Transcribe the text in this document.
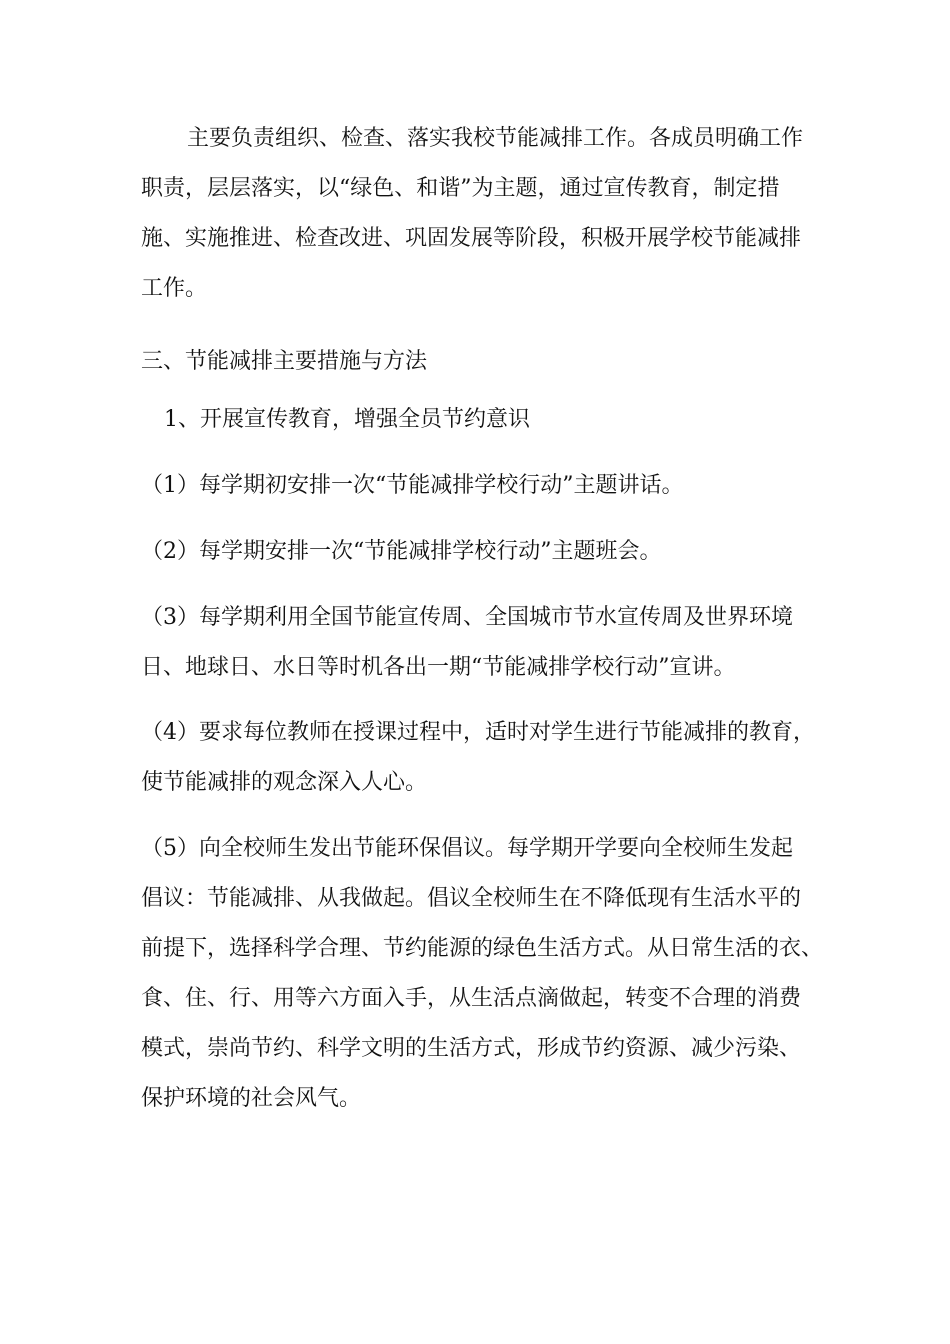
主要负责组织、检查、落实我校节能减排工作。各成员明确工作
职责，层层落实，以“绿色、和谐”为主题，通过宣传教育，制定措
施、实施推进、检查改进、巩固发展等阶段，积极开展学校节能减排
工作。
三、节能减排主要措施与方法
1、开展宣传教育，增强全员节约意识
（1）每学期初安排一次“节能减排学校行动”主题讲话。
（2）每学期安排一次“节能减排学校行动”主题班会。
（3）每学期利用全国节能宣传周、全国城市节水宣传周及世界环境
日、地球日、水日等时机各出一期“节能减排学校行动”宣讲。
（4）要求每位教师在授课过程中，适时对学生进行节能减排的教育，
使节能减排的观念深入人心。
（5）向全校师生发出节能环保倡议。每学期开学要向全校师生发起
倡议：节能减排、从我做起。倡议全校师生在不降低现有生活水平的
前提下，选择科学合理、节约能源的绿色生活方式。从日常生活的衣、
食、住、行、用等六方面入手，从生活点滴做起，转变不合理的消费
模式，崇尚节约、科学文明的生活方式，形成节约资源、减少污染、
保护环境的社会风气。
